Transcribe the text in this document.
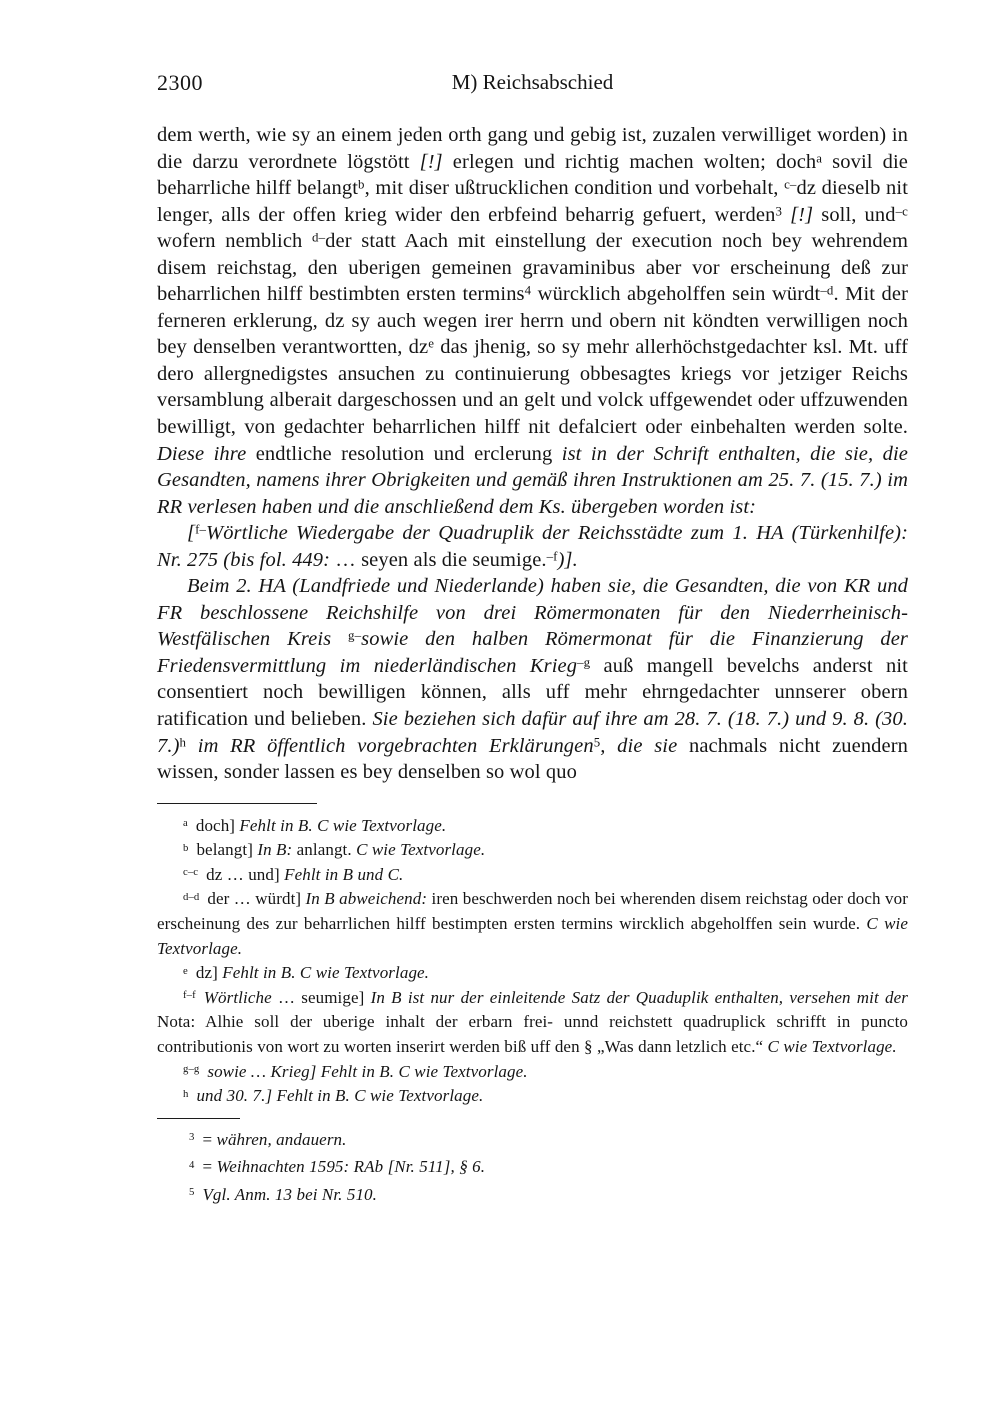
2300	M) Reichsabschied

dem werth, wie sy an einem jeden orth gang und gebig ist, zuzalen verwilliget worden) in die darzu verordnete lögstött [!] erlegen und richtig machen wolten; doch$^a$ sovil die beharrliche hilff belangt$^b$, mit diser ußtrucklichen condition und vorbehalt, $^{c-}$dz dieselb nit lenger, alls der offen krieg wider den erbfeind beharrig gefuert, werden$^3$ [!] soll, und$^{-c}$ wofern nemblich $^{d-}$der statt Aach mit einstellung der execution noch bey wehrendem disem reichstag, den uberigen gemeinen gravaminibus aber vor erscheinung deß zur beharrlichen hilff bestimbten ersten termins$^4$ würcklich abgeholffen sein würdt$^{-d}$. Mit der ferneren erklerung, dz sy auch wegen irer herrn und obern nit köndten verwilligen noch bey denselben verantwortten, $dz^e$ das jhenig, so sy mehr allerhöchstgedachter ksl. Mt. uff dero allergnedigstes ansuchen zu continuierung obbesagtes kriegs vor jetziger Reichs versamblung alberait dargeschossen und an gelt und volck uffgewendet oder uffzuwenden bewilligt, von gedachter beharrlichen hilff nit defalciert oder einbehalten werden solte. Diese ihre endtliche resolution und erclerung ist in der Schrift enthalten, die sie, die Gesandten, namens ihrer Obrigkeiten und gemäß ihren Instruktionen am 25. 7. (15. 7.) im RR verlesen haben und die anschließend dem Ks. übergeben worden ist:

[$^{f-}$Wörtliche Wiedergabe der Quadruplik der Reichsstädte zum 1. HA (Türkenhilfe): Nr. 275 (bis fol. 449: … seyen als die seumige.$^{-f}$)].

Beim 2. HA (Landfriede und Niederlande) haben sie, die Gesandten, die von KR und FR beschlossene Reichshilfe von drei Römermonaten für den Niederrheinisch-Westfälischen Kreis $^{g-}$sowie den halben Römermonat für die Finanzierung der Friedensvermittlung im niederländischen Krieg$^{-g}$ auß mangell bevelchs anderst nit consentiert noch bewilligen können, alls uff mehr ehrngedachter unnserer obern ratification und belieben. Sie beziehen sich dafür auf ihre am 28. 7. (18. 7.) und 9. 8. (30. 7.)$^h$ im RR öffentlich vorgebrachten Erklärungen$^5$, die sie nachmals nicht zuendern wissen, sonder lassen es bey denselben so wol quo

$^a$ doch] Fehlt in B. C wie Textvorlage.

$^b$ belangt] In B: anlangt. C wie Textvorlage.

$^{c-c}$ dz … und] Fehlt in B und C.

$^{d-d}$ der … würdt] In B abweichend: iren beschwerden noch bei wherenden disem reichstag oder doch vor erscheinung des zur beharrlichen hilff bestimpten ersten termins wircklich abgeholffen sein wurde. C wie Textvorlage.

$^e$ dz] Fehlt in B. C wie Textvorlage.

$^{f-f}$ Wörtliche … seumige] In B ist nur der einleitende Satz der Quaduplik enthalten, versehen mit der Nota: Alhie soll der uberige inhalt der erbarn frei- unnd reichstett quadruplick schrifft in puncto contributionis von wort zu worten inserirt werden biß uff den § „Was dann letzlich etc.“ C wie Textvorlage.

$^{g-g}$ sowie … Krieg] Fehlt in B. C wie Textvorlage.

$^h$ und 30. 7.] Fehlt in B. C wie Textvorlage.

$^3$ = währen, andauern.

$^4$ = Weihnachten 1595: RAb [Nr. 511], § 6.

$^5$ Vgl. Anm. 13 bei Nr. 510.
